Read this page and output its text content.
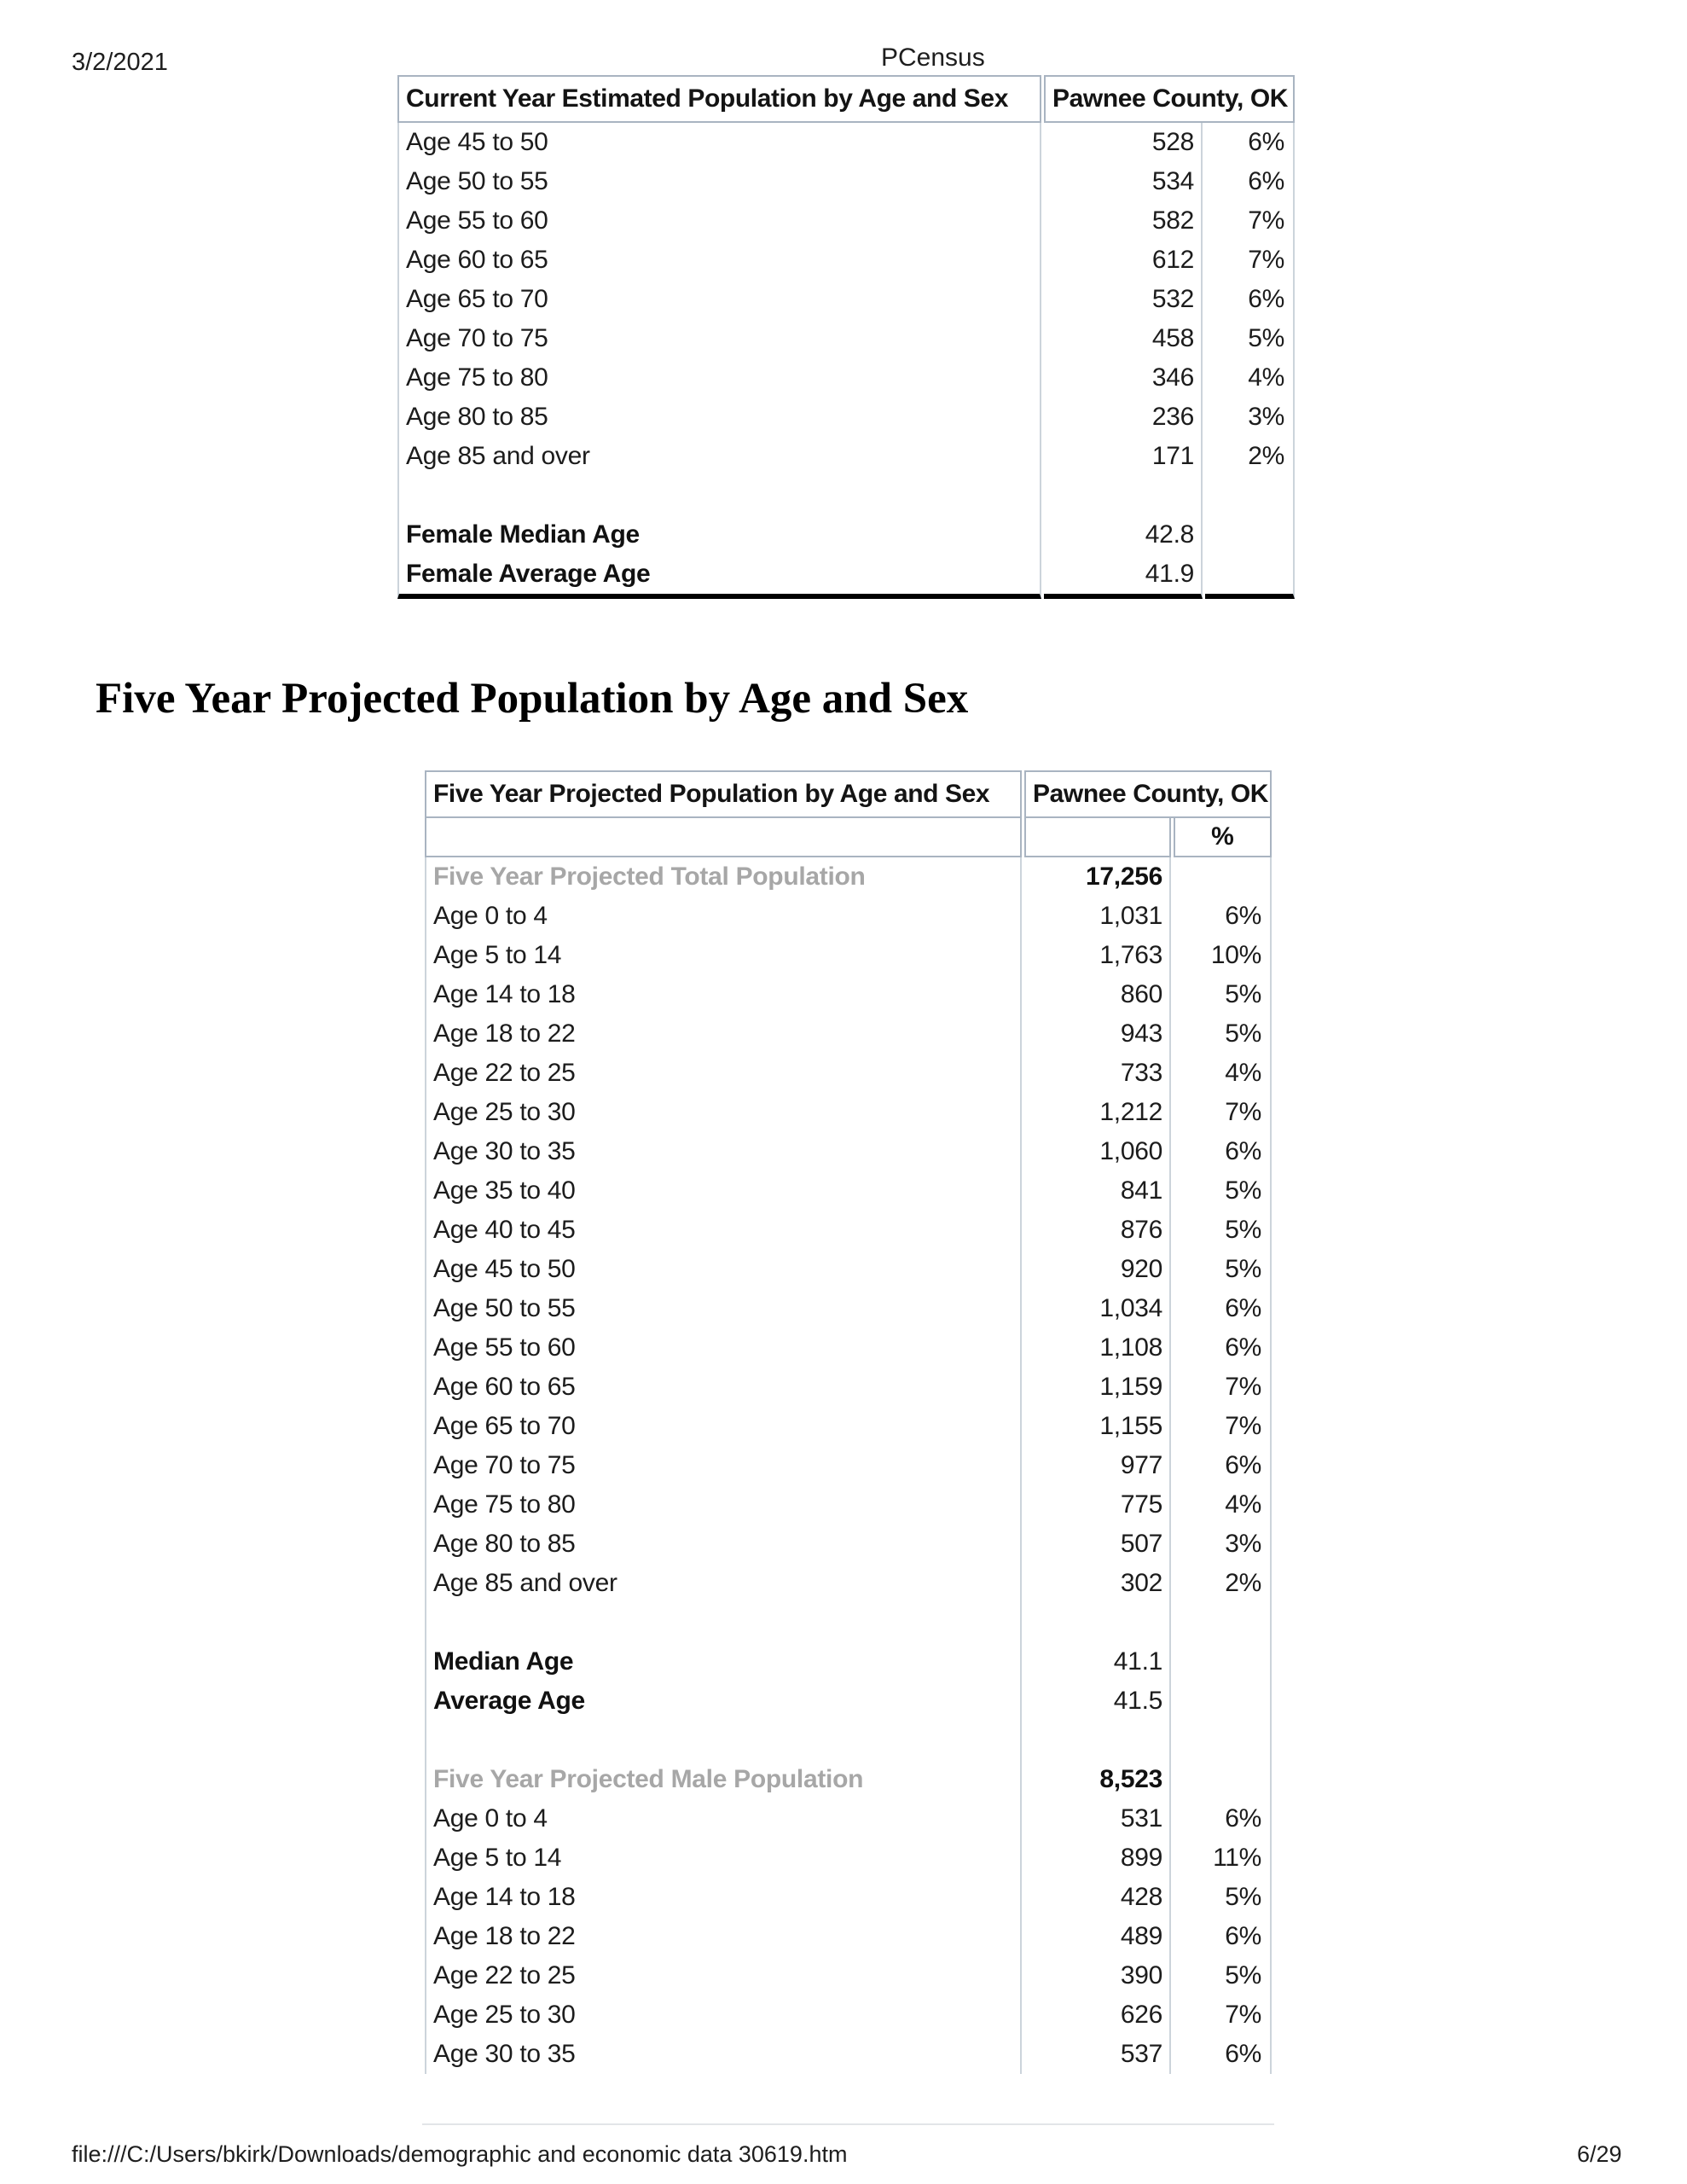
3/2/2021	PCensus
Current Year Estimated Population by Age and Sex	Pawnee County, OK	
Age 45 to 50	528	6%
Age 50 to 55	534	6%
Age 55 to 60	582	7%
Age 60 to 65	612	7%
Age 65 to 70	532	6%
Age 70 to 75	458	5%
Age 75 to 80	346	4%
Age 80 to 85	236	3%
Age 85 and over	171	2%

Female Median Age	42.8	
Female Average Age	41.9	
Five Year Projected Population by Age and Sex
Five Year Projected Population by Age and Sex	Pawnee County, OK	
		%
Five Year Projected Total Population	17,256	
Age 0 to 4	1,031	6%
Age 5 to 14	1,763	10%
Age 14 to 18	860	5%
Age 18 to 22	943	5%
Age 22 to 25	733	4%
Age 25 to 30	1,212	7%
Age 30 to 35	1,060	6%
Age 35 to 40	841	5%
Age 40 to 45	876	5%
Age 45 to 50	920	5%
Age 50 to 55	1,034	6%
Age 55 to 60	1,108	6%
Age 60 to 65	1,159	7%
Age 65 to 70	1,155	7%
Age 70 to 75	977	6%
Age 75 to 80	775	4%
Age 80 to 85	507	3%
Age 85 and over	302	2%

Median Age	41.1	
Average Age	41.5	

Five Year Projected Male Population	8,523	
Age 0 to 4	531	6%
Age 5 to 14	899	11%
Age 14 to 18	428	5%
Age 18 to 22	489	6%
Age 22 to 25	390	5%
Age 25 to 30	626	7%
Age 30 to 35	537	6%
file:///C:/Users/bkirk/Downloads/demographic and economic data 30619.htm	6/29
